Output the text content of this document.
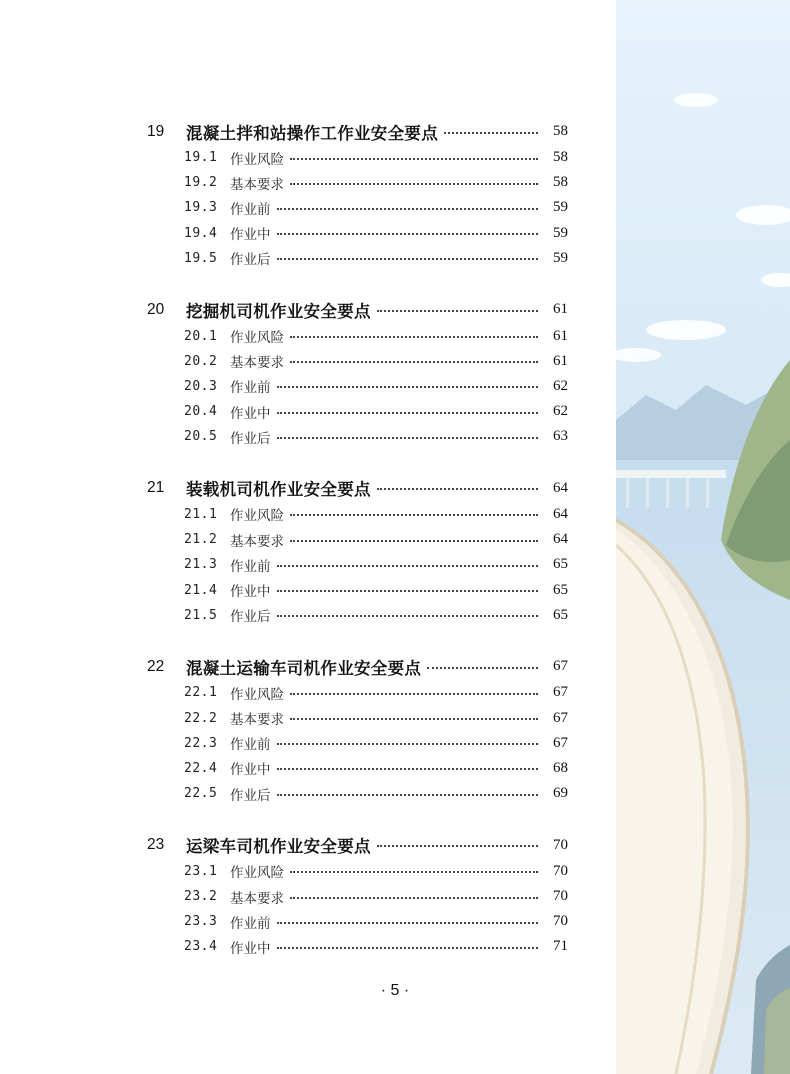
19 混凝土拌和站操作工作业安全要点	58
19.1 作业风险	58
19.2 基本要求	58
19.3 作业前	59
19.4 作业中	59
19.5 作业后	59
20 挖掘机司机作业安全要点	61
20.1 作业风险	61
20.2 基本要求	61
20.3 作业前	62
20.4 作业中	62
20.5 作业后	63
21 装载机司机作业安全要点	64
21.1 作业风险	64
21.2 基本要求	64
21.3 作业前	65
21.4 作业中	65
21.5 作业后	65
22 混凝土运输车司机作业安全要点	67
22.1 作业风险	67
22.2 基本要求	67
22.3 作业前	67
22.4 作业中	68
22.5 作业后	69
23 运梁车司机作业安全要点	70
23.1 作业风险	70
23.2 基本要求	70
23.3 作业前	70
23.4 作业中	71
· 5 ·
